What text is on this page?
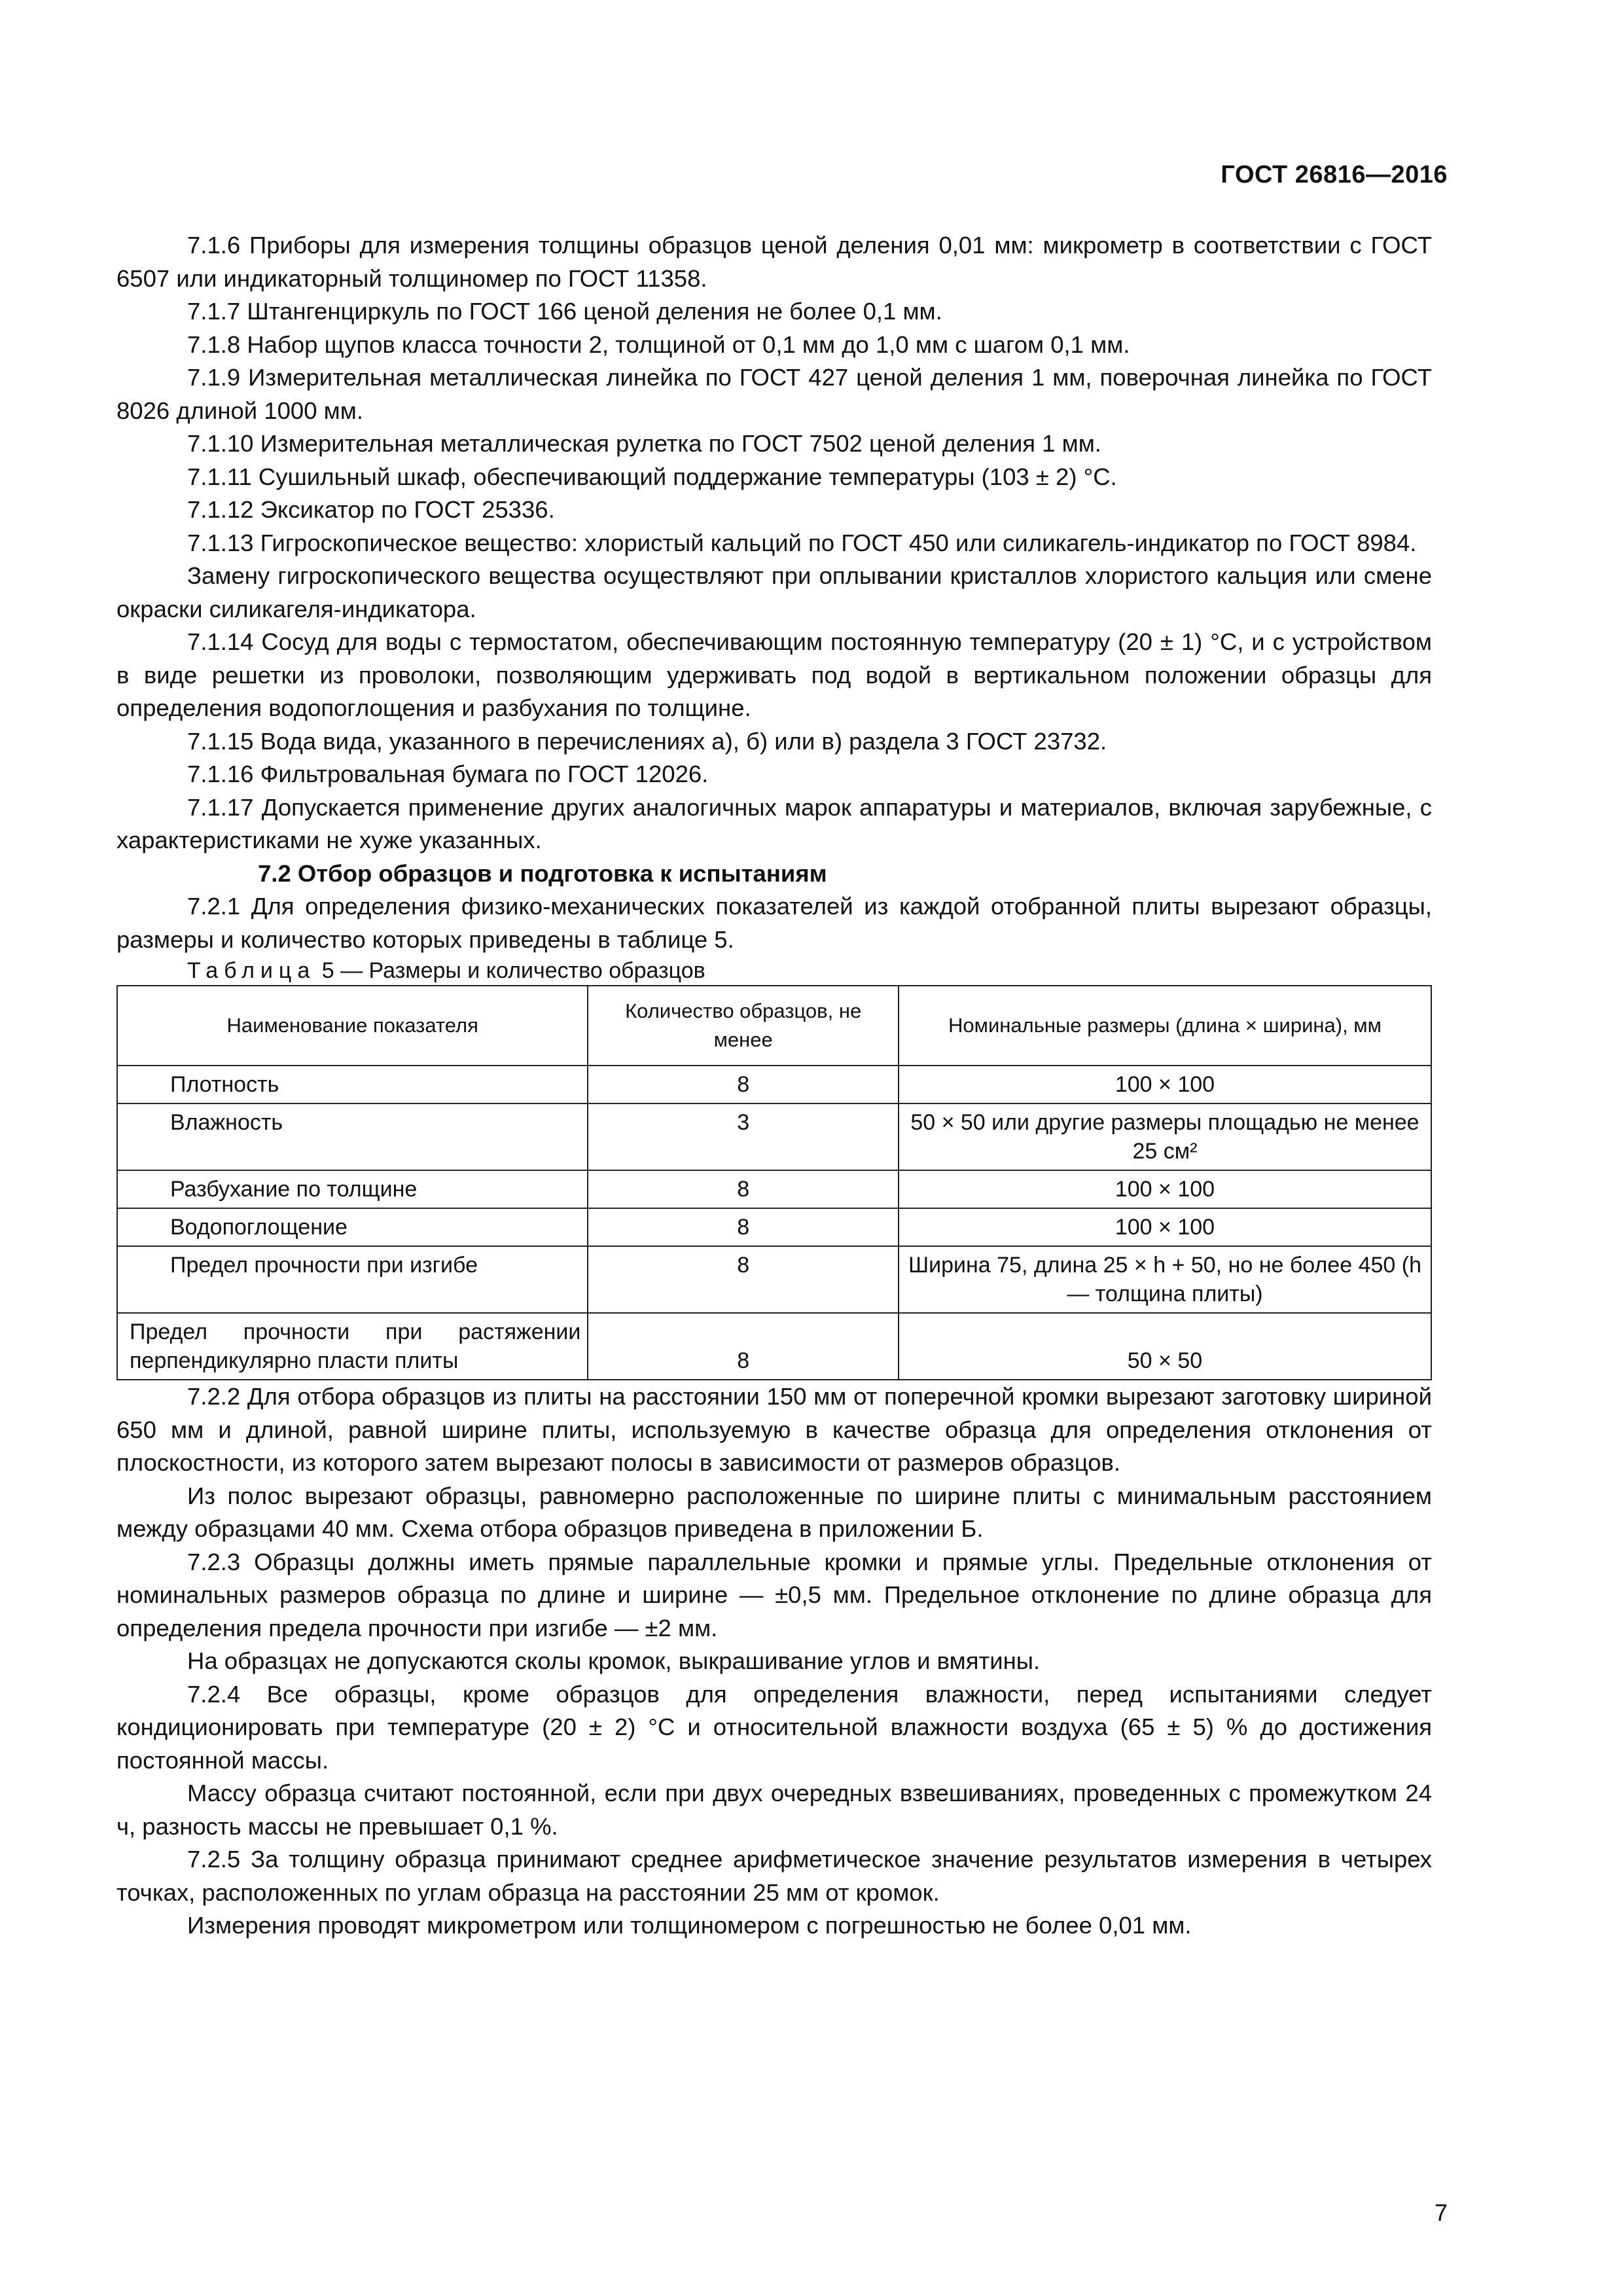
ГОСТ 26816—2016

7.1.6 Приборы для измерения толщины образцов ценой деления 0,01 мм: микрометр в соответствии с ГОСТ 6507 или индикаторный толщиномер по ГОСТ 11358.

7.1.7 Штангенциркуль по ГОСТ 166 ценой деления не более 0,1 мм.

7.1.8 Набор щупов класса точности 2, толщиной от 0,1 мм до 1,0 мм с шагом 0,1 мм.

7.1.9 Измерительная металлическая линейка по ГОСТ 427 ценой деления 1 мм, поверочная линейка по ГОСТ 8026 длиной 1000 мм.

7.1.10 Измерительная металлическая рулетка по ГОСТ 7502 ценой деления 1 мм.

7.1.11 Сушильный шкаф, обеспечивающий поддержание температуры (103 ± 2) °С.

7.1.12 Эксикатор по ГОСТ 25336.

7.1.13 Гигроскопическое вещество: хлористый кальций по ГОСТ 450 или силикагель-индикатор по ГОСТ 8984.

Замену гигроскопического вещества осуществляют при оплывании кристаллов хлористого кальция или смене окраски силикагеля-индикатора.

7.1.14 Сосуд для воды с термостатом, обеспечивающим постоянную температуру (20 ± 1) °С, и с устройством в виде решетки из проволоки, позволяющим удерживать под водой в вертикальном положении образцы для определения водопоглощения и разбухания по толщине.

7.1.15 Вода вида, указанного в перечислениях а), б) или в) раздела 3 ГОСТ 23732.

7.1.16 Фильтровальная бумага по ГОСТ 12026.

7.1.17 Допускается применение других аналогичных марок аппаратуры и материалов, включая зарубежные, с характеристиками не хуже указанных.

7.2 Отбор образцов и подготовка к испытаниям

7.2.1 Для определения физико-механических показателей из каждой отобранной плиты вырезают образцы, размеры и количество которых приведены в таблице 5.

Таблица 5 — Размеры и количество образцов

Наименование показателя	Количество образцов, не менее	Номинальные размеры (длина × ширина), мм
Плотность	8	100 × 100
Влажность	3	50 × 50 или другие размеры площадью не менее 25 см²
Разбухание по толщине	8	100 × 100
Водопоглощение	8	100 × 100
Предел прочности при изгибе	8	Ширина 75, длина 25 × h + 50, но не более 450 (h — толщина плиты)
Предел прочности при растяжении перпендикулярно пласти плиты	8	50 × 50

7.2.2 Для отбора образцов из плиты на расстоянии 150 мм от поперечной кромки вырезают заготовку шириной 650 мм и длиной, равной ширине плиты, используемую в качестве образца для определения отклонения от плоскостности, из которого затем вырезают полосы в зависимости от размеров образцов.

Из полос вырезают образцы, равномерно расположенные по ширине плиты с минимальным расстоянием между образцами 40 мм. Схема отбора образцов приведена в приложении Б.

7.2.3 Образцы должны иметь прямые параллельные кромки и прямые углы. Предельные отклонения от номинальных размеров образца по длине и ширине — ±0,5 мм. Предельное отклонение по длине образца для определения предела прочности при изгибе — ±2 мм.

На образцах не допускаются сколы кромок, выкрашивание углов и вмятины.

7.2.4 Все образцы, кроме образцов для определения влажности, перед испытаниями следует кондиционировать при температуре (20 ± 2) °С и относительной влажности воздуха (65 ± 5) % до достижения постоянной массы.

Массу образца считают постоянной, если при двух очередных взвешиваниях, проведенных с промежутком 24 ч, разность массы не превышает 0,1 %.

7.2.5 За толщину образца принимают среднее арифметическое значение результатов измерения в четырех точках, расположенных по углам образца на расстоянии 25 мм от кромок.

Измерения проводят микрометром или толщиномером с погрешностью не более 0,01 мм.

7
